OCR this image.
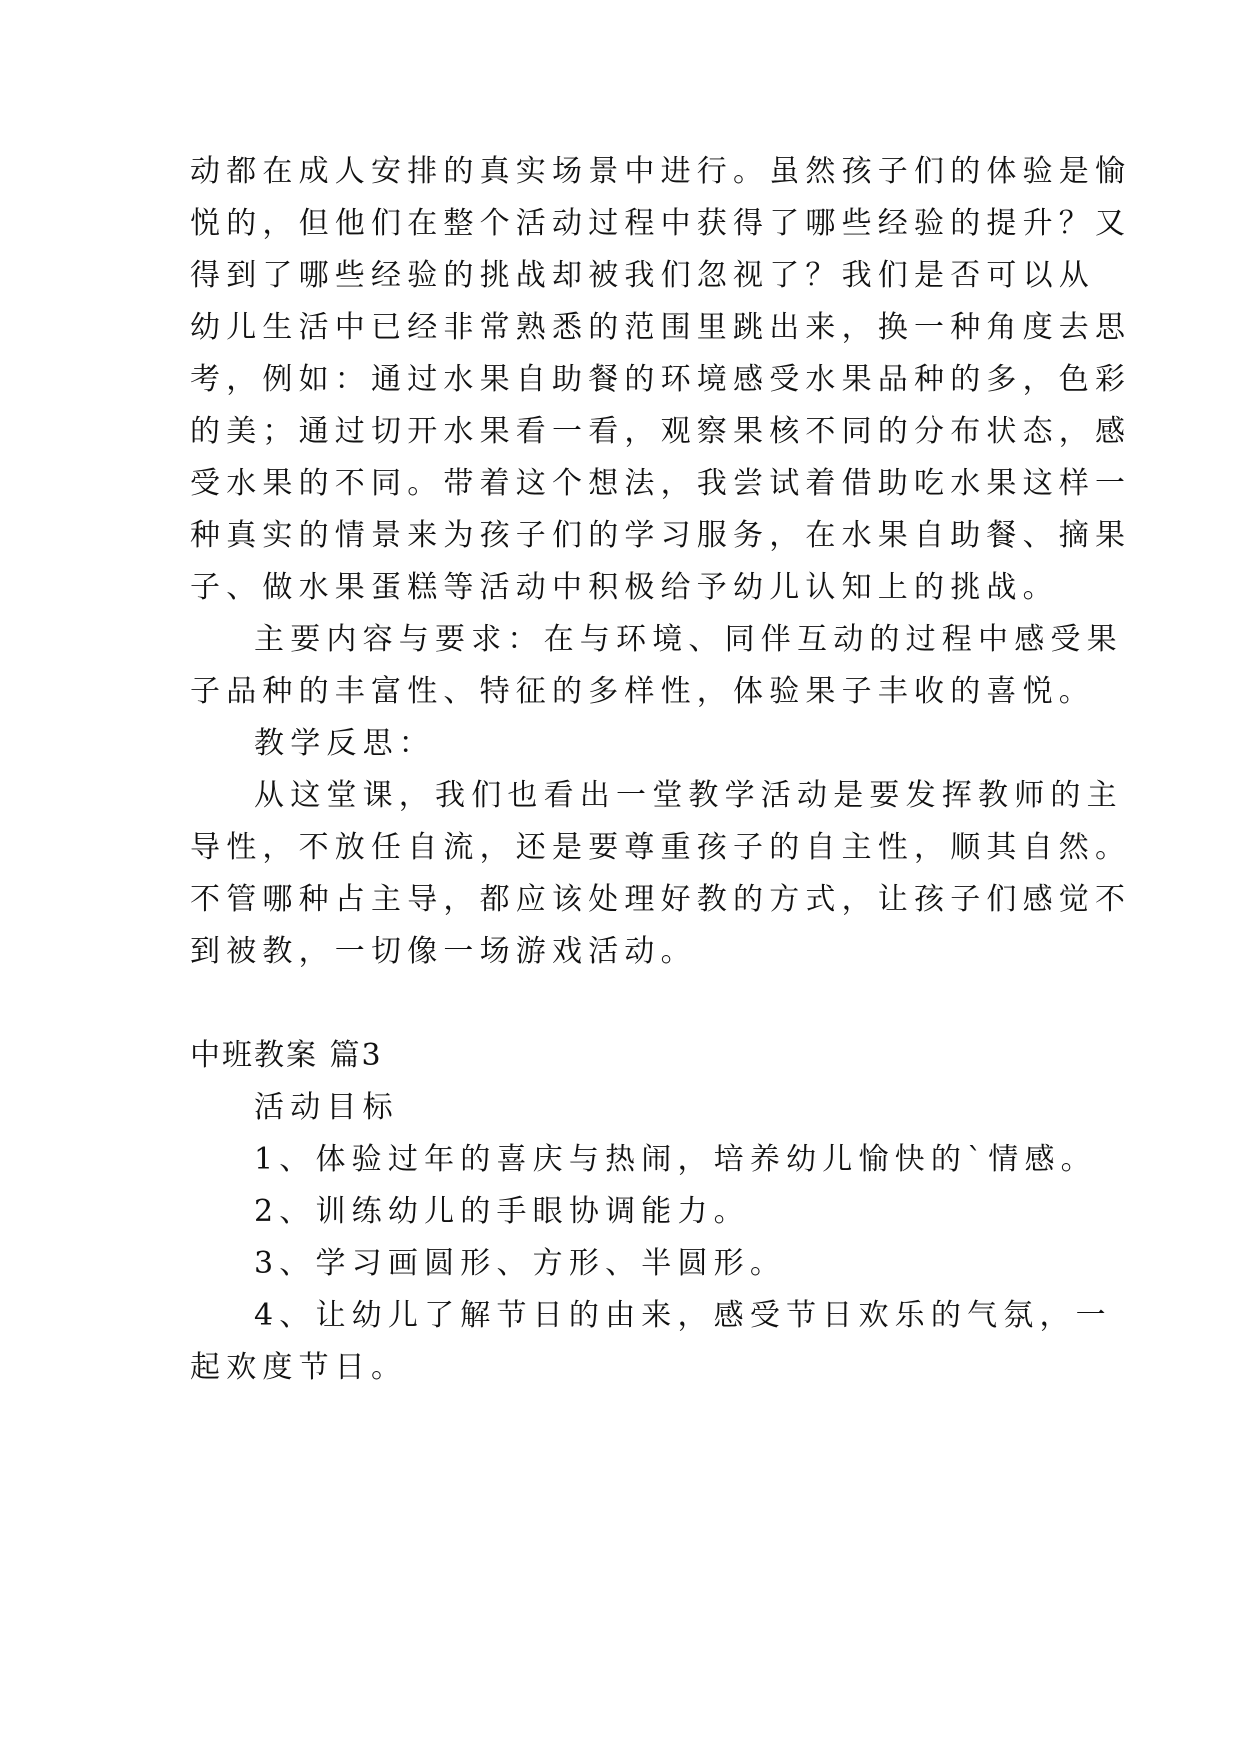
动都在成人安排的真实场景中进行。虽然孩子们的体验是愉
悦的，但他们在整个活动过程中获得了哪些经验的提升？又
得到了哪些经验的挑战却被我们忽视了？我们是否可以从
幼儿生活中已经非常熟悉的范围里跳出来，换一种角度去思
考，例如：通过水果自助餐的环境感受水果品种的多，色彩
的美；通过切开水果看一看，观察果核不同的分布状态，感
受水果的不同。带着这个想法，我尝试着借助吃水果这样一
种真实的情景来为孩子们的学习服务，在水果自助餐、摘果
子、做水果蛋糕等活动中积极给予幼儿认知上的挑战。
主要内容与要求：在与环境、同伴互动的过程中感受果
子品种的丰富性、特征的多样性，体验果子丰收的喜悦。
教学反思：
从这堂课，我们也看出一堂教学活动是要发挥教师的主
导性，不放任自流，还是要尊重孩子的自主性，顺其自然。
不管哪种占主导，都应该处理好教的方式，让孩子们感觉不
到被教，一切像一场游戏活动。
中班教案 篇3
活动目标
1、体验过年的喜庆与热闹，培养幼儿愉快的`情感。
2、训练幼儿的手眼协调能力。
3、学习画圆形、方形、半圆形。
4、让幼儿了解节日的由来，感受节日欢乐的气氛，一
起欢度节日。
